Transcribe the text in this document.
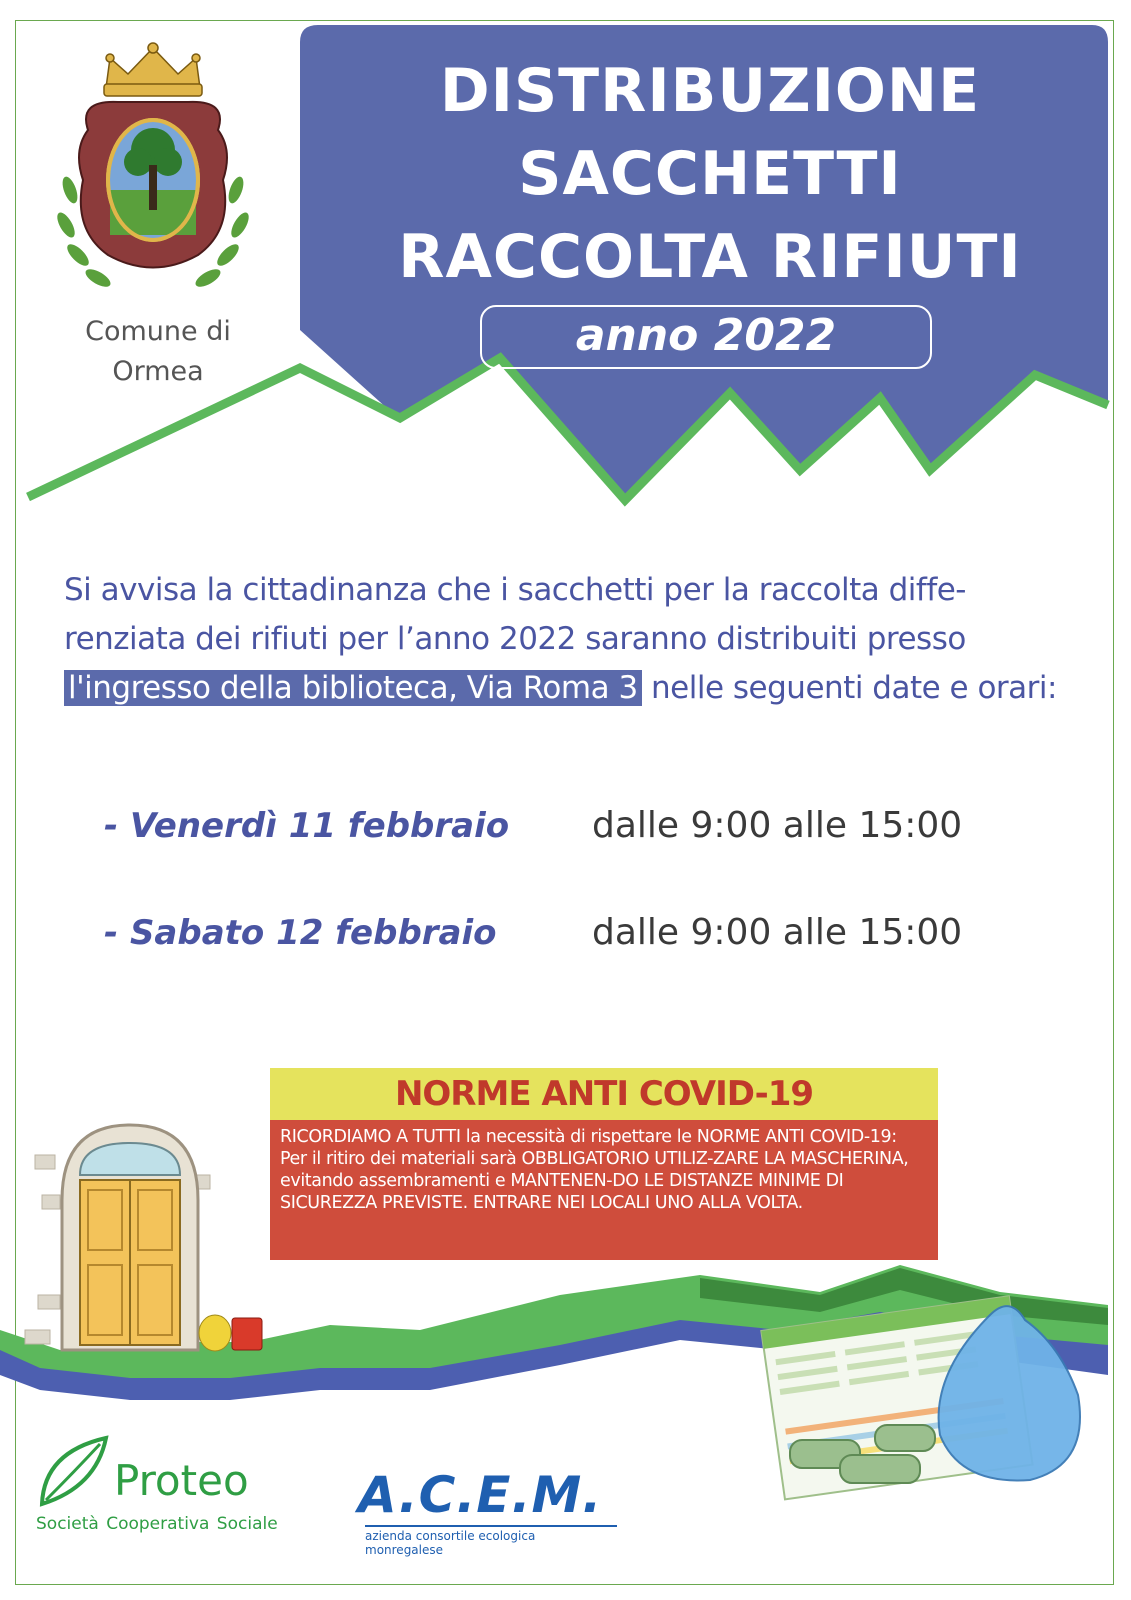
DISTRIBUZIONE
SACCHETTI
RACCOLTA RIFIUTI
anno 2022
Comune di
Ormea
Si avvisa la cittadinanza che i sacchetti per la raccolta diffe-renziata dei rifiuti per l’anno 2022 saranno distribuiti presso l'ingresso della biblioteca, Via Roma 3 nelle seguenti date e orari:
- Venerdì 11 febbraio dalle 9:00 alle 15:00
- Sabato 12 febbraio	dalle 9:00 alle 15:00
NORME ANTI COVID-19
RICORDIAMO A TUTTI la necessità di rispettare le NORME ANTI COVID-19: Per il ritiro dei materiali sarà OBBLIGATORIO UTILIZ-ZARE LA MASCHERINA, evitando assembramenti e MANTENEN-DO LE DISTANZE MINIME DI SICUREZZA PREVISTE. ENTRARE NEI LOCALI UNO ALLA VOLTA.
Proteo
Società Cooperativa Sociale A.C.E.M.
azienda consortile ecologica monregalese
